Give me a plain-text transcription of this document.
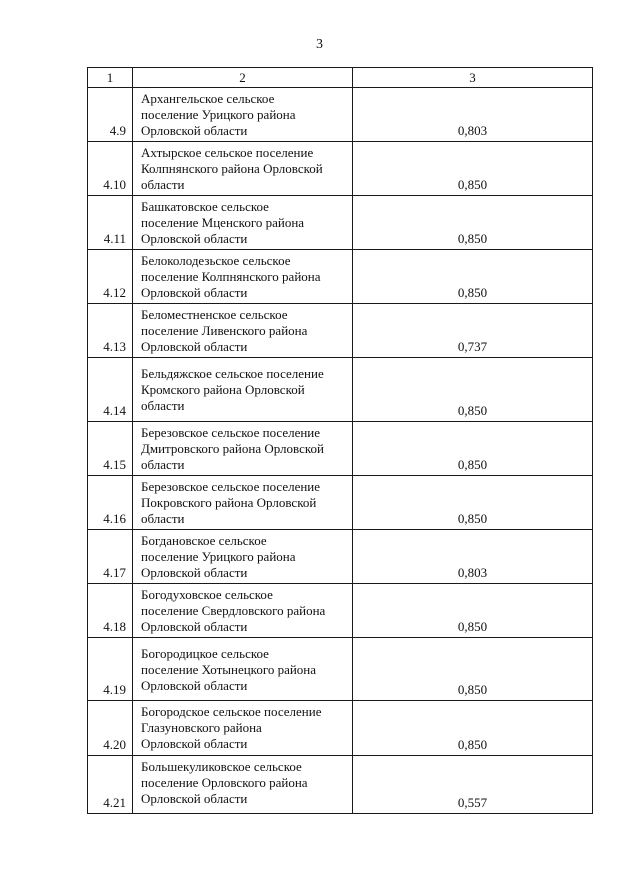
3
1	2	3
4.9	Архангельское сельское
поселение Урицкого района
Орловской области	0,803
4.10	Ахтырское сельское поселение
Колпнянского района Орловской
области	0,850
4.11	Башкатовское сельское
поселение Мценского района
Орловской области	0,850
4.12	Белоколодезьское сельское
поселение Колпнянского района
Орловской области	0,850
4.13	Беломестненское сельское
поселение Ливенского района
Орловской области	0,737
4.14	Бельдяжское сельское поселение
Кромского района Орловской
области	0,850
4.15	Березовское сельское поселение
Дмитровского района Орловской
области	0,850
4.16	Березовское сельское поселение
Покровского района Орловской
области	0,850
4.17	Богдановское сельское
поселение Урицкого района
Орловской области	0,803
4.18	Богодуховское сельское
поселение Свердловского района
Орловской области	0,850
4.19	Богородицкое сельское
поселение Хотынецкого района
Орловской области	0,850
4.20	Богородское сельское поселение
Глазуновского района
Орловской области	0,850
4.21	Большекуликовское сельское
поселение Орловского района
Орловской области	0,557
